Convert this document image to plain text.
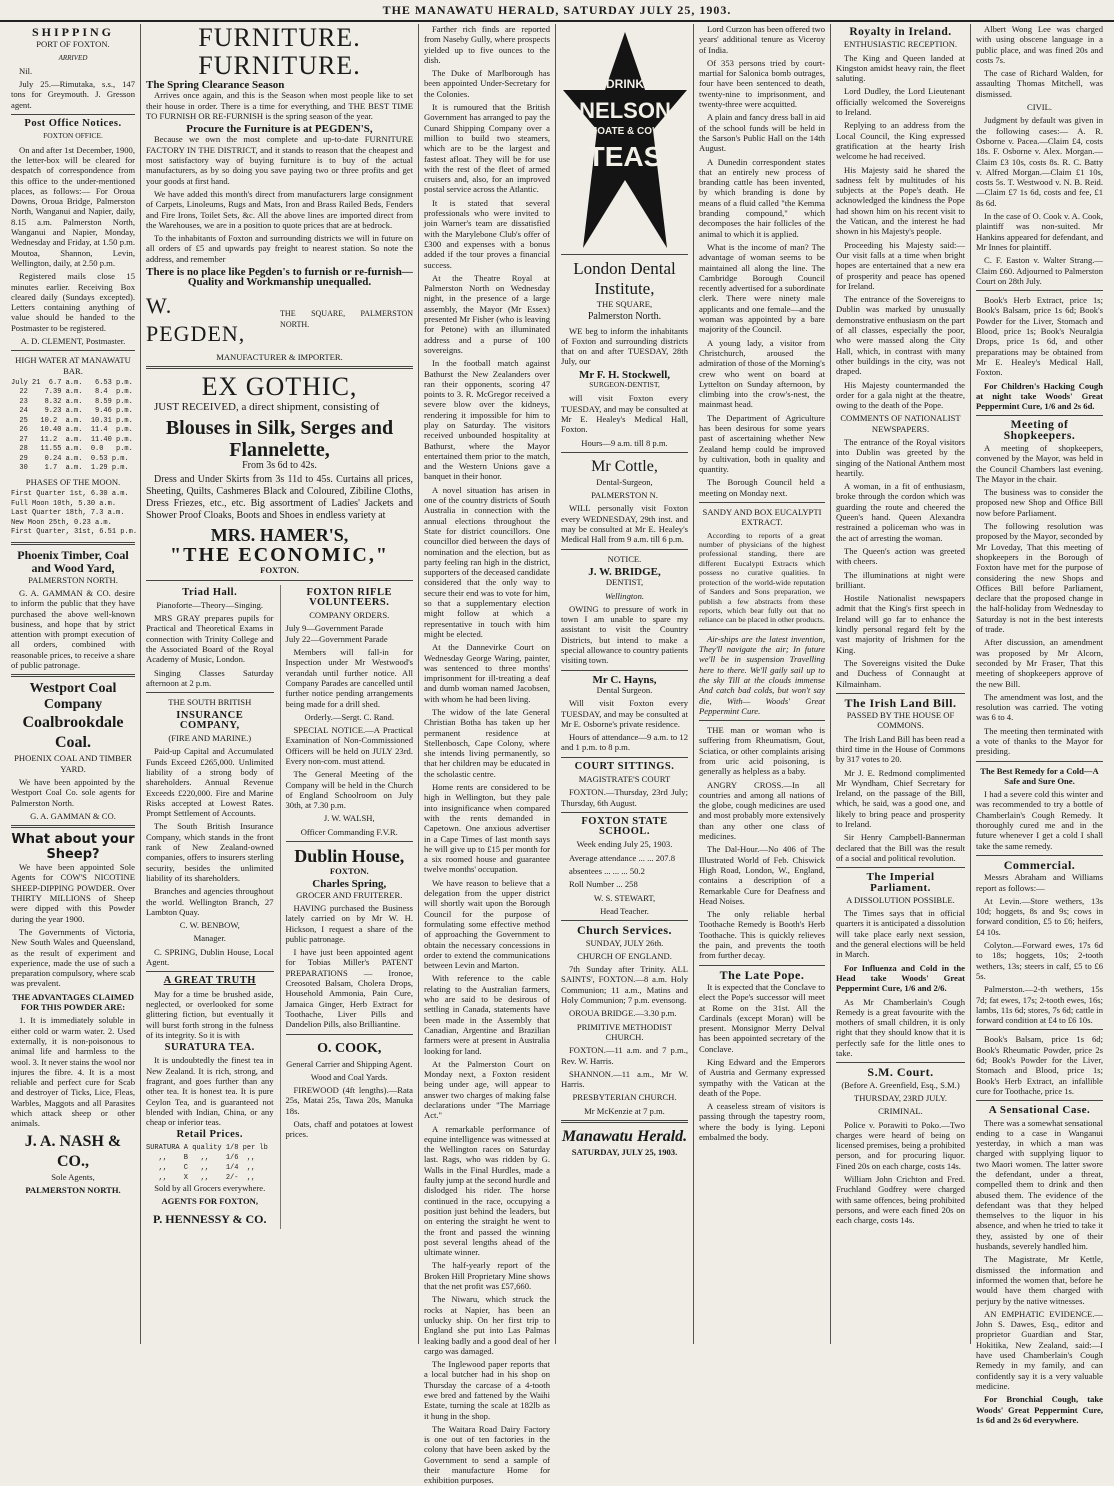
THE MANAWATU HERALD, SATURDAY JULY 25, 1903.
SHIPPING

PORT OF FOXTON.

ARRIVED

Nil.

July 25.—Rimutaka, s.s., 147 tons for Greymouth. J. Gresson agent.

Post Office Notices.

FOXTON OFFICE.

On and after 1st December, 1900, the letter-box will be cleared for despatch of correspondence from this office to the under-mentioned places, as follows:— For Oroua Downs, Oroua Bridge, Palmerston North, Wanganui and Napier, daily, 8.15 a.m. Palmerston North, Wanganui and Napier, Monday, Wednesday and Friday, at 1.50 p.m. Moutoa, Shannon, Levin, Wellington, daily, at 2.50 p.m.

Registered mails close 15 minutes earlier. Receiving Box cleared daily (Sundays excepted). Letters containing anything of value should be handed to the Postmaster to be registered.

A. D. CLEMENT, Postmaster.

HIGH WATER AT MANAWATU BAR.

July 21  6.7 a.m.   6.53 p.m.
22    7.39 a.m.   8.4  p.m.
23    8.32 a.m.   8.59 p.m.
24    9.23 a.m.   9.46 p.m.
25   10.2  a.m.  10.31 p.m.
26   10.40 a.m.  11.4  p.m.
27   11.2  a.m.  11.40 p.m.
28   11.55 a.m.  0.0   p.m.
29    0.24 a.m.  0.53 p.m.
30    1.7  a.m.  1.29 p.m.

PHASES OF THE MOON.

First Quarter 1st, 6.30 a.m.
Full Moon 10th, 5.30 a.m.
Last Quarter 18th, 7.3 a.m.
New Moon 25th, 0.23 a.m.
First Quarter, 31st, 6.51 p.m.
Phoenix Timber, Coal and Wood Yard,

PALMERSTON NORTH.

G. A. GAMMAN & CO. desire to inform the public that they have purchased the above well-known business, and hope that by strict attention with prompt execution of all orders, combined with reasonable prices, to receive a share of public patronage.

Westport Coal Company
Coalbrookdale Coal.

PHOENIX COAL AND TIMBER YARD.

We have been appointed by the Westport Coal Co. sole agents for Palmerston North.

G. A. GAMMAN & CO.

What about your Sheep?

We have been appointed Sole Agents for COW'S NICOTINE SHEEP-DIPPING POWDER. Over THIRTY MILLIONS of Sheep were dipped with this Powder during the year 1900.

The Governments of Victoria, New South Wales and Queensland, as the result of experiment and experience, made the use of such a preparation compulsory, where scab was prevalent.

THE ADVANTAGES CLAIMED FOR THIS POWDER ARE:

1. It is immediately soluble in either cold or warm water. 2. Used externally, it is non-poisonous to animal life and harmless to the wool. 3. It never stains the wool nor injures the fibre. 4. It is a most reliable and perfect cure for Scab and destroyer of Ticks, Lice, Fleas, Warbles, Maggots and all Parasites which attack sheep or other animals.

J. A. NASH & CO.,

Sole Agents,

PALMERSTON NORTH.

FURNITURE. FURNITURE.
The Spring Clearance Season

Arrives once again, and this is the Season when most people like to set their house in order. There is a time for everything, and THE BEST TIME TO FURNISH OR RE-FURNISH is the spring season of the year.

Procure the Furniture is at PEGDEN'S,

Because we own the most complete and up-to-date FURNITURE FACTORY IN THE DISTRICT, and it stands to reason that the cheapest and most satisfactory way of buying furniture is to buy of the actual manufacturers, as by so doing you save paying two or three profits and get your goods at first hand.

We have added this month's direct from manufacturers large consignment of Carpets, Linoleums, Rugs and Mats, Iron and Brass Railed Beds, Fenders and Fire Irons, Toilet Sets, &c. All the above lines are imported direct from the Warehouses, we are in a position to quote prices that are at bedrock.

To the inhabitants of Foxton and surrounding districts we will in future on all orders of £5 and upwards pay freight to nearest station. So note the address, and remember

There is no place like Pegden's to furnish or re-furnish—Quality and Workmanship unequalled.
W. PEGDEN,
THE SQUARE, PALMERSTON NORTH.

MANUFACTURER & IMPORTER.

EX GOTHIC,

JUST RECEIVED, a direct shipment, consisting of

Blouses in Silk, Serges and Flannelette,

From 3s 6d to 42s.

Dress and Under Skirts from 3s 11d to 45s. Curtains all prices, Sheeting, Quilts, Cashmeres Black and Coloured, Zibiline Cloths, Dress Friezes, etc., etc. Big assortment of Ladies' Jackets and Shower Proof Cloaks, Boots and Shoes in endless variety at

MRS. HAMER'S,
"THE ECONOMIC,"

FOXTON.

Triad Hall.

Pianoforte—Theory—Singing.

MRS GRAY prepares pupils for Practical and Theoretical Exams in connection with Trinity College and the Associated Board of the Royal Academy of Music, London.

Singing Classes Saturday afternoon at 2 p.m.

THE SOUTH BRITISH

INSURANCE COMPANY,

(FIRE AND MARINE.)

Paid-up Capital and Accumulated Funds Exceed £265,000. Unlimited liability of a strong body of shareholders. Annual Revenue Exceeds £220,000. Fire and Marine Risks accepted at Lowest Rates. Prompt Settlement of Accounts.

The South British Insurance Company, which stands in the front rank of New Zealand-owned companies, offers to insurers sterling security, besides the unlimited liability of its shareholders.

Branches and agencies throughout the world. Wellington Branch, 27 Lambton Quay.

C. W. BENBOW,

Manager.

C. SPRING, Dublin House, Local Agent.

A GREAT TRUTH

May for a time be brushed aside, neglected, or overlooked for some glittering fiction, but eventually it will burst forth strong in the fulness of its integrity. So it is with

SURATURA TEA.

It is undoubtedly the finest tea in New Zealand. It is rich, strong, and fragrant, and goes further than any other tea. It is honest tea. It is pure Ceylon Tea, and is guaranteed not blended with Indian, China, or any cheap or inferior teas.

Retail Prices.
SURATURA A quality 1/8 per lb
,,    B   ,,    1/6  ,,
,,    C   ,,    1/4  ,,
,,    X   ,,    2/-  ,,

Sold by all Grocers everywhere.

AGENTS FOR FOXTON,

P. HENNESSY & CO.
FOXTON RIFLE VOLUNTEERS.

COMPANY ORDERS.

July 9—Government Parade
July 22—Government Parade

Members will fall-in for Inspection under Mr Westwood's verandah until further notice. All Company Parades are cancelled until further notice pending arrangements being made for a drill shed.

Orderly.—Sergt. C. Rand.

SPECIAL NOTICE.—A Practical Examination of Non-Commissioned Officers will be held on JULY 23rd. Every non-com. must attend.

The General Meeting of the Company will be held in the Church of England Schoolroom on July 30th, at 7.30 p.m.

J. W. WALSH,

Officer Commanding F.V.R.

Dublin House,

FOXTON.

Charles Spring,

GROCER AND FRUITERER.

HAVING purchased the Business lately carried on by Mr W. H. Hickson, I request a share of the public patronage.

I have just been appointed agent for Tobias Miller's PATENT PREPARATIONS — Ironoe, Creosoted Balsam, Cholera Drops, Household Ammonia, Pain Cure, Jamaica Ginger, Herb Extract for Toothache, Liver Pills and Dandelion Pills, also Brilliantine.

O. COOK,

General Carrier and Shipping Agent.

Wood and Coal Yards.

FIREWOOD (4ft lengths).—Rata 25s, Matai 25s, Tawa 20s, Manuka 18s.

Oats, chaff and potatoes at lowest prices.

Farther rich finds are reported from Naseby Gully, where prospects yielded up to five ounces to the dish.

The Duke of Marlborough has been appointed Under-Secretary for the Colonies.

It is rumoured that the British Government has arranged to pay the Cunard Shipping Company over a million to build two steamers, which are to be the largest and fastest afloat. They will be for use with the rest of the fleet of armed cruisers and, also, for an improved postal service across the Atlantic.

It is stated that several professionals who were invited to join Warner's team are dissatisfied with the Marylebone Club's offer of £300 and expenses with a bonus added if the tour proves a financial success.

At the Theatre Royal at Palmerston North on Wednesday night, in the presence of a large assembly, the Mayor (Mr Essex) presented Mr Fisher (who is leaving for Petone) with an illuminated address and a purse of 100 sovereigns.

In the football match against Bathurst the New Zealanders over ran their opponents, scoring 47 points to 3. R. McGregor received a severe blow over the kidneys, rendering it impossible for him to play on Saturday. The visitors received unbounded hospitality at Bathurst, where the Mayor entertained them prior to the match, and the Western Unions gave a banquet in their honor.

A novel situation has arisen in one of the country districts of South Australia in connection with the annual elections throughout the State for district councillors. One councillor died between the days of nomination and the election, but as party feeling ran high in the district, supporters of the deceased candidate considered that the only way to secure their end was to vote for him, so that a supplementary election might follow at which a representative in touch with him might be elected.

At the Dannevirke Court on Wednesday George Waring, painter, was sentenced to three months' imprisonment for ill-treating a deaf and dumb woman named Jacobsen, with whom he had been living.

The widow of the late General Christian Botha has taken up her permanent residence at Stellenbosch, Cape Colony, where she intends living permanently, so that her children may be educated in the scholastic centre.

Home rents are considered to be high in Wellington, but they pale into insignificance when compared with the rents demanded in Capetown. One anxious advertiser in a Cape Times of last month says he will give up to £15 per month for a six roomed house and guarantee twelve months' occupation.

We have reason to believe that a delegation from the upper district will shortly wait upon the Borough Council for the purpose of formulating some effective method of approaching the Government to obtain the necessary concessions in order to extend the communications between Levin and Marton.

With reference to the cable relating to the Australian farmers, who are said to be desirous of settling in Canada, statements have been made in the Assembly that Canadian, Argentine and Brazilian farmers were at present in Australia looking for land.

At the Palmerston Court on Monday next, a Foxton resident being under age, will appear to answer two charges of making false declarations under "The Marriage Act."

A remarkable performance of equine intelligence was witnessed at the Wellington races on Saturday last. Rags, who was ridden by G. Walls in the Final Hurdles, made a faulty jump at the second hurdle and dislodged his rider. The horse continued in the race, occupying a position just behind the leaders, but on entering the straight he went to the front and passed the winning post several lengths ahead of the ultimate winner.

The half-yearly report of the Broken Hill Proprietary Mine shows that the net profit was £57,660.

The Niwaru, which struck the rocks at Napier, has been an unlucky ship. On her first trip to England she put into Las Palmas leaking badly and a good deal of her cargo was damaged.

The Inglewood paper reports that a local butcher had in his shop on Thursday the carcase of a 4-tooth ewe bred and fattened by the Waihi Estate, turning the scale at 182lb as it hung in the shop.

The Waitara Road Dairy Factory is one out of ten factories in the colony that have been asked by the Government to send a sample of their manufacture Home for exhibition purposes.

DRINK
NELSON
MOATE & CO'S
TEAS
London Dental Institute,

THE SQUARE,

Palmerston North.

WE beg to inform the inhabitants of Foxton and surrounding districts that on and after TUESDAY, 28th July, our

Mr F. H. Stockwell,

SURGEON-DENTIST,

will visit Foxton every TUESDAY, and may be consulted at Mr E. Healey's Medical Hall, Foxton.

Hours—9 a.m. till 8 p.m.

Mr Cottle,

Dental-Surgeon,

PALMERSTON N.

WILL personally visit Foxton every WEDNESDAY, 29th inst. and may be consulted at Mr E. Healey's Medical Hall from 9 a.m. till 6 p.m.

NOTICE.

J. W. BRIDGE,

DENTIST,

Wellington.

OWING to pressure of work in town I am unable to spare my assistant to visit the Country Districts, but intend to make a special allowance to country patients visiting town.

Mr C. Hayns,

Dental Surgeon.

Will visit Foxton every TUESDAY, and may be consulted at Mr E. Osborne's private residence.

Hours of attendance—9 a.m. to 12 and 1 p.m. to 8 p.m.

COURT SITTINGS.

MAGISTRATE'S COURT

FOXTON.—Thursday, 23rd July; Thursday, 6th August.

FOXTON STATE SCHOOL.

Week ending July 25, 1903.

Average attendance ... ... 207.8

absentees ... ... ... 50.2

Roll Number ... 258

W. S. STEWART,

Head Teacher.

Church Services.

SUNDAY, JULY 26th.

CHURCH OF ENGLAND.

7th Sunday after Trinity. ALL SAINTS', FOXTON.—8 a.m. Holy Communion; 11 a.m., Matins and Holy Communion; 7 p.m. evensong.

OROUA BRIDGE.—3.30 p.m.

PRIMITIVE METHODIST CHURCH.

FOXTON.—11 a.m. and 7 p.m., Rev. W. Harris.

SHANNON.—11 a.m., Mr W. Harris.

PRESBYTERIAN CHURCH.

Mr McKenzie at 7 p.m.

Manawatu Herald.

SATURDAY, JULY 25, 1903.

Lord Curzon has been offered two years' additional tenure as Viceroy of India.

Of 353 persons tried by court-martial for Salonica bomb outrages, four have been sentenced to death, twenty-nine to imprisonment, and twenty-three were acquitted.

A plain and fancy dress ball in aid of the school funds will be held in the Sarson's Public Hall on the 14th August.

A Dunedin correspondent states that an entirely new process of branding cattle has been invented, by which branding is done by means of a fluid called "the Kemma branding compound," which decomposes the hair follicles of the animal to which it is applied.

What is the income of man? The advantage of woman seems to be maintained all along the line. The Cambridge Borough Council recently advertised for a subordinate clerk. There were ninety male applicants and one female—and the woman was appointed by a bare majority of the Council.

A young lady, a visitor from Christchurch, aroused the admiration of those of the Morning's crew who went on board at Lyttelton on Sunday afternoon, by climbing into the crow's-nest, the mainmast head.

The Department of Agriculture has been desirous for some years past of ascertaining whether New Zealand hemp could be improved by cultivation, both in quality and quantity.

The Borough Council held a meeting on Monday next.

SANDY AND BOX EUCALYPTI EXTRACT.

According to reports of a great number of physicians of the highest professional standing, there are different Eucalypti Extracts which possess no curative qualities. In protection of the world-wide reputation of Sanders and Sons preparation, we publish a few abstracts from these reports, which bear fully out that no reliance can be placed in other products.

Air-ships are the latest invention, They'll navigate the air; In future we'll be in suspension Travelling here to there. We'll gaily sail up to the sky Till at the clouds immense And catch bad colds, but won't say die, With— Woods' Great Peppermint Cure.

THE man or woman who is suffering from Rheumatism, Gout, Sciatica, or other complaints arising from uric acid poisoning, is generally as helpless as a baby.

ANGRY CROSS.—In all countries and among all nations of the globe, cough medicines are used and most probably more extensively than any other one class of medicines.

The Dal-Hour.—No 406 of The Illustrated World of Feb. Chiswick High Road, London, W., England, contains a description of a Remarkable Cure for Deafness and Head Noises.

The only reliable herbal Toothache Remedy is Booth's Herb Toothache. This is quickly relieves the pain, and prevents the tooth from further decay.

The Late Pope.

It is expected that the Conclave to elect the Pope's successor will meet at Rome on the 31st. All the Cardinals (except Moran) will be present. Monsignor Merry Delval has been appointed secretary of the Conclave.

King Edward and the Emperors of Austria and Germany expressed sympathy with the Vatican at the death of the Pope.

A ceaseless stream of visitors is passing through the tapestry room, where the body is lying. Leponi embalmed the body.

Royalty in Ireland.

ENTHUSIASTIC RECEPTION.

The King and Queen landed at Kingston amidst heavy rain, the fleet saluting.

Lord Dudley, the Lord Lieutenant officially welcomed the Sovereigns to Ireland.

Replying to an address from the Local Council, the King expressed gratification at the hearty Irish welcome he had received.

His Majesty said he shared the sadness felt by multitudes of his subjects at the Pope's death. He acknowledged the kindness the Pope had shown him on his recent visit to the Vatican, and the interest he had shown in his Majesty's people.

Proceeding his Majesty said:— Our visit falls at a time when bright hopes are entertained that a new era of prosperity and peace has opened for Ireland.

The entrance of the Sovereigns to Dublin was marked by unusually demonstrative enthusiasm on the part of all classes, especially the poor, who were massed along the City Hall, which, in contrast with many other buildings in the city, was not draped.

His Majesty countermanded the order for a gala night at the theatre, owing to the death of the Pope.

COMMENTS OF NATIONALIST NEWSPAPERS.

The entrance of the Royal visitors into Dublin was greeted by the singing of the National Anthem most heartily.

A woman, in a fit of enthusiasm, broke through the cordon which was guarding the route and cheered the Queen's hand. Queen Alexandra restrained a policeman who was in the act of arresting the woman.

The Queen's action was greeted with cheers.

The illuminations at night were brilliant.

Hostile Nationalist newspapers admit that the King's first speech in Ireland will go far to enhance the kindly personal regard felt by the vast majority of Irishmen for the King.

The Sovereigns visited the Duke and Duchess of Connaught at Kilmainham.

The Irish Land Bill.

PASSED BY THE HOUSE OF COMMONS.

The Irish Land Bill has been read a third time in the House of Commons by 317 votes to 20.

Mr J. E. Redmond complimented Mr Wyndham, Chief Secretary for Ireland, on the passage of the Bill, which, he said, was a good one, and likely to bring peace and prosperity to Ireland.

Sir Henry Campbell-Bannerman declared that the Bill was the result of a social and political revolution.

The Imperial Parliament.

A DISSOLUTION POSSIBLE.

The Times says that in official quarters it is anticipated a dissolution will take place early next session, and the general elections will be held in March.

For Influenza and Cold in the Head take Woods' Great Peppermint Cure, 1/6 and 2/6.

As Mr Chamberlain's Cough Remedy is a great favourite with the mothers of small children, it is only right that they should know that it is perfectly safe for the little ones to take.

S.M. Court.

(Before A. Greenfield, Esq., S.M.)

THURSDAY, 23RD JULY.

CRIMINAL.

Police v. Porawiti to Poko.—Two charges were heard of being on licensed premises, being a prohibited person, and for procuring liquor. Fined 20s on each charge, costs 14s.

William John Crichton and Fred. Fruchland Godfrey were charged with same offences, being prohibited persons, and were each fined 20s on each charge, costs 14s.

Albert Wong Lee was charged with using obscene language in a public place, and was fined 20s and costs 7s.

The case of Richard Walden, for assaulting Thomas Mitchell, was dismissed.

CIVIL.

Judgment by default was given in the following cases:— A. R. Osborne v. Pacea.—Claim £4, costs 18s. F. Osborne v. Alex. Morgan.—Claim £3 10s, costs 8s. R. C. Batty v. Alfred Morgan.—Claim £1 10s, costs 5s. T. Westwood v. N. B. Reid.—Claim £7 1s 6d, costs and fee, £1 8s 6d.

In the case of O. Cook v. A. Cook, plaintiff was non-suited. Mr Hankins appeared for defendant, and Mr Innes for plaintiff.

C. F. Easton v. Walter Strang.—Claim £60. Adjourned to Palmerston Court on 28th July.

Book's Herb Extract, price 1s; Book's Balsam, price 1s 6d; Book's Powder for the Liver, Stomach and Blood, price 1s; Book's Neuralgia Drops, price 1s 6d, and other preparations may be obtained from Mr E. Healey's Medical Hall, Foxton.

For Children's Hacking Cough at night take Woods' Great Peppermint Cure, 1/6 and 2s 6d.

Meeting of Shopkeepers.

A meeting of shopkeepers, convened by the Mayor, was held in the Council Chambers last evening. The Mayor in the chair.

The business was to consider the proposed new Shop and Office Bill now before Parliament.

The following resolution was proposed by the Mayor, seconded by Mr Loveday, That this meeting of shopkeepers in the Borough of Foxton have met for the purpose of considering the new Shops and Offices Bill before Parliament, declare that the proposed change in the half-holiday from Wednesday to Saturday is not in the best interests of trade.

After discussion, an amendment was proposed by Mr Alcorn, seconded by Mr Fraser, That this meeting of shopkeepers approve of the new Bill.

The amendment was lost, and the resolution was carried. The voting was 6 to 4.

The meeting then terminated with a vote of thanks to the Mayor for presiding.

The Best Remedy for a Cold—A Safe and Sure One.

I had a severe cold this winter and was recommended to try a bottle of Chamberlain's Cough Remedy. It thoroughly cured me and in the future whenever I get a cold I shall take the same remedy.

Commercial.

Messrs Abraham and Williams report as follows:—

At Levin.—Store wethers, 13s 10d; hoggets, 8s and 9s; cows in forward condition, £5 to £6; heifers, £4 10s.

Colyton.—Forward ewes, 17s 6d to 18s; hoggets, 10s; 2-tooth wethers, 13s; steers in calf, £5 to £6 5s.

Palmerston.—2-th wethers, 15s 7d; fat ewes, 17s; 2-tooth ewes, 16s; lambs, 11s 6d; stores, 7s 6d; cattle in forward condition at £4 to £6 10s.

Book's Balsam, price 1s 6d; Book's Rheumatic Powder, price 2s 6d; Book's Powder for the Liver, Stomach and Blood, price 1s; Book's Herb Extract, an infallible cure for Toothache, price 1s.

A Sensational Case.

There was a somewhat sensational ending to a case in Wanganui yesterday, in which a man was charged with supplying liquor to two Maori women. The latter swore the defendant, under a threat, compelled them to drink and then abused them. The evidence of the defendant was that they helped themselves to the liquor in his absence, and when he tried to take it they, assisted by one of their husbands, severely handled him.

The Magistrate, Mr Kettle, dismissed the information and informed the women that, before he would have them charged with perjury by the native witnesses.

AN EMPHATIC EVIDENCE.—John S. Dawes, Esq., editor and proprietor Guardian and Star, Hokitika, New Zealand, said:—I have used Chamberlain's Cough Remedy in my family, and can confidently say it is a very valuable medicine.

For Bronchial Cough, take Woods' Great Peppermint Cure, 1s 6d and 2s 6d everywhere.
